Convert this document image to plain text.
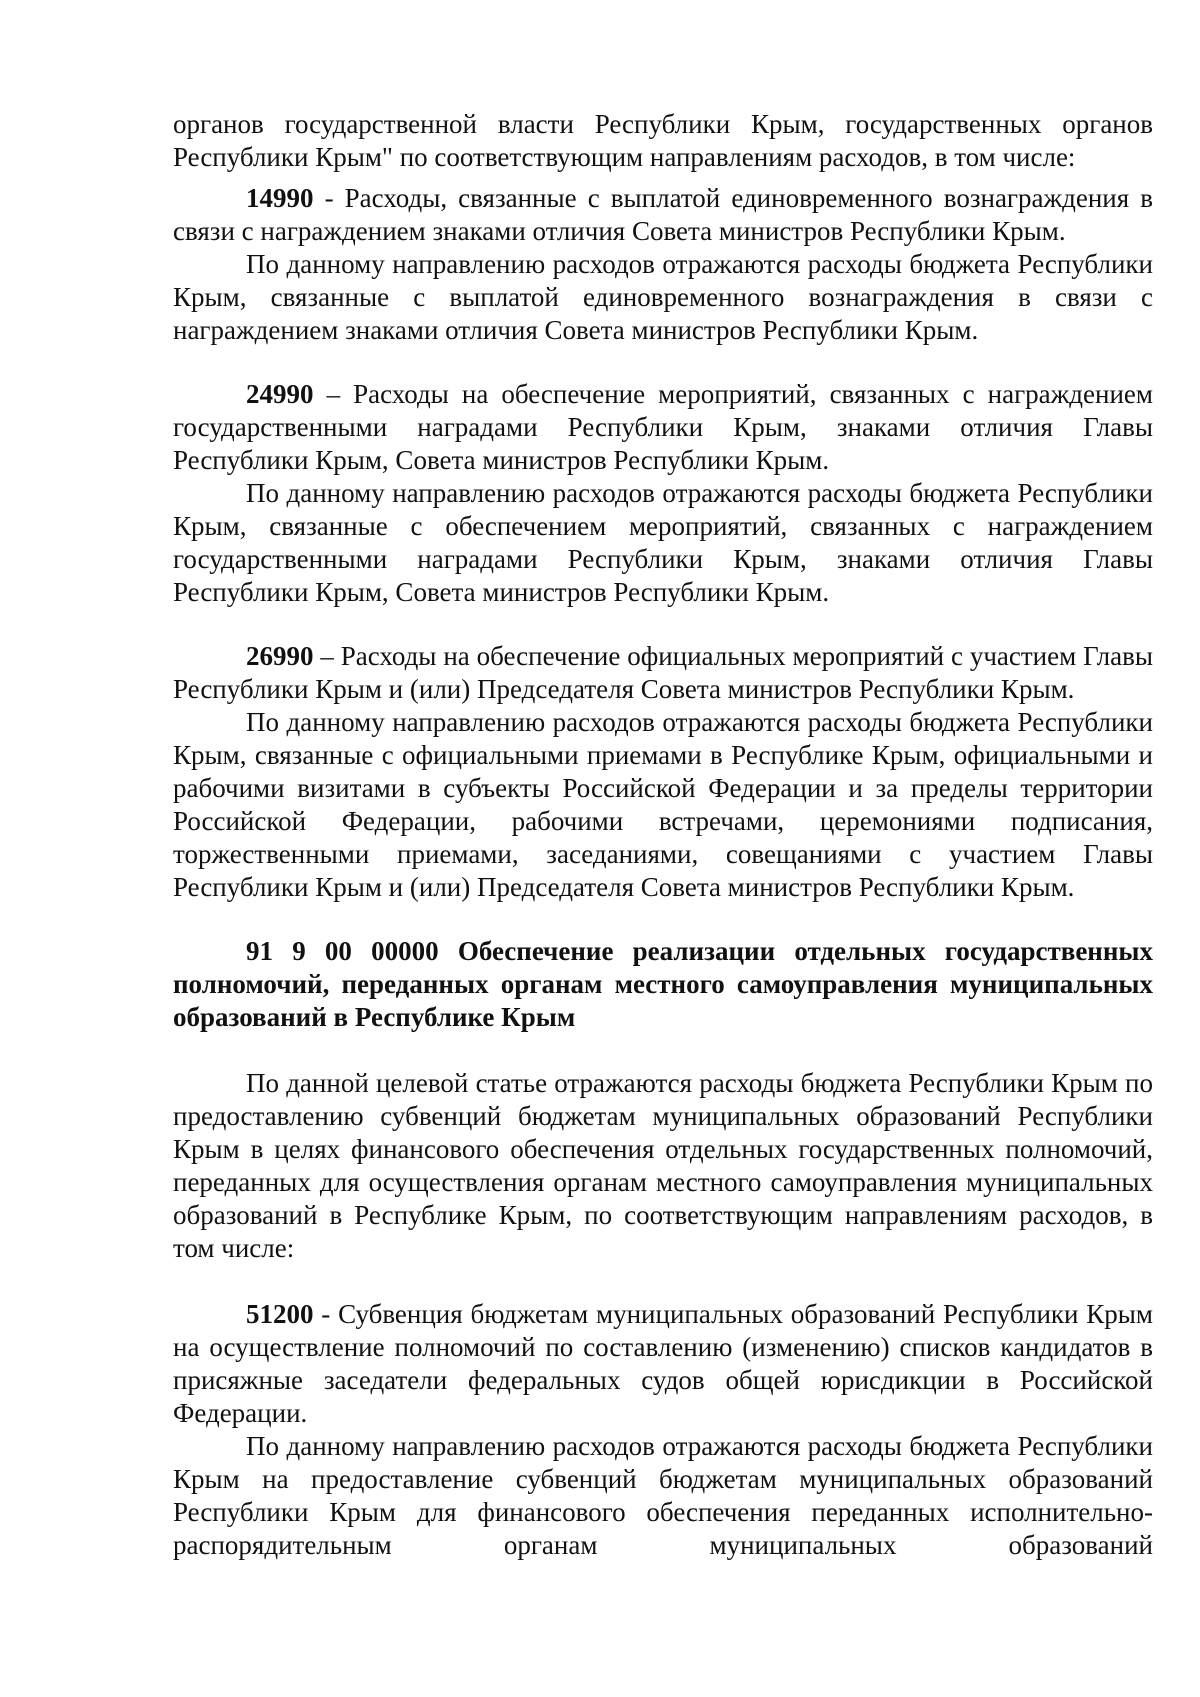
органов государственной власти Республики Крым, государственных органов Республики Крым" по соответствующим направлениям расходов, в том числе:

14990 - Расходы, связанные с выплатой единовременного вознаграждения в связи с награждением знаками отличия Совета министров Республики Крым.

По данному направлению расходов отражаются расходы бюджета Республики Крым, связанные с выплатой единовременного вознаграждения в связи с награждением знаками отличия Совета министров Республики Крым.

24990 – Расходы на обеспечение мероприятий, связанных с награждением государственными наградами Республики Крым, знаками отличия Главы Республики Крым, Совета министров Республики Крым.

По данному направлению расходов отражаются расходы бюджета Республики Крым, связанные с обеспечением мероприятий, связанных с награждением государственными наградами Республики Крым, знаками отличия Главы Республики Крым, Совета министров Республики Крым.

26990 – Расходы на обеспечение официальных мероприятий с участием Главы Республики Крым и (или) Председателя Совета министров Республики Крым.

По данному направлению расходов отражаются расходы бюджета Республики Крым, связанные с официальными приемами в Республике Крым, официальными и рабочими визитами в субъекты Российской Федерации и за пределы территории Российской Федерации, рабочими встречами, церемониями подписания, торжественными приемами, заседаниями, совещаниями с участием Главы Республики Крым и (или) Председателя Совета министров Республики Крым.

91 9 00 00000 Обеспечение реализации отдельных государственных полномочий, переданных органам местного самоуправления муниципальных образований в Республике Крым

По данной целевой статье отражаются расходы бюджета Республики Крым по предоставлению субвенций бюджетам муниципальных образований Республики Крым в целях финансового обеспечения отдельных государственных полномочий, переданных для осуществления органам местного самоуправления муниципальных образований в Республике Крым, по соответствующим направлениям расходов, в том числе:

51200 - Субвенция бюджетам муниципальных образований Республики Крым на осуществление полномочий по составлению (изменению) списков кандидатов в присяжные заседатели федеральных судов общей юрисдикции в Российской Федерации.

По данному направлению расходов отражаются расходы бюджета Республики Крым на предоставление субвенций бюджетам муниципальных образований Республики Крым для финансового обеспечения переданных исполнительно-распорядительным органам муниципальных образований
